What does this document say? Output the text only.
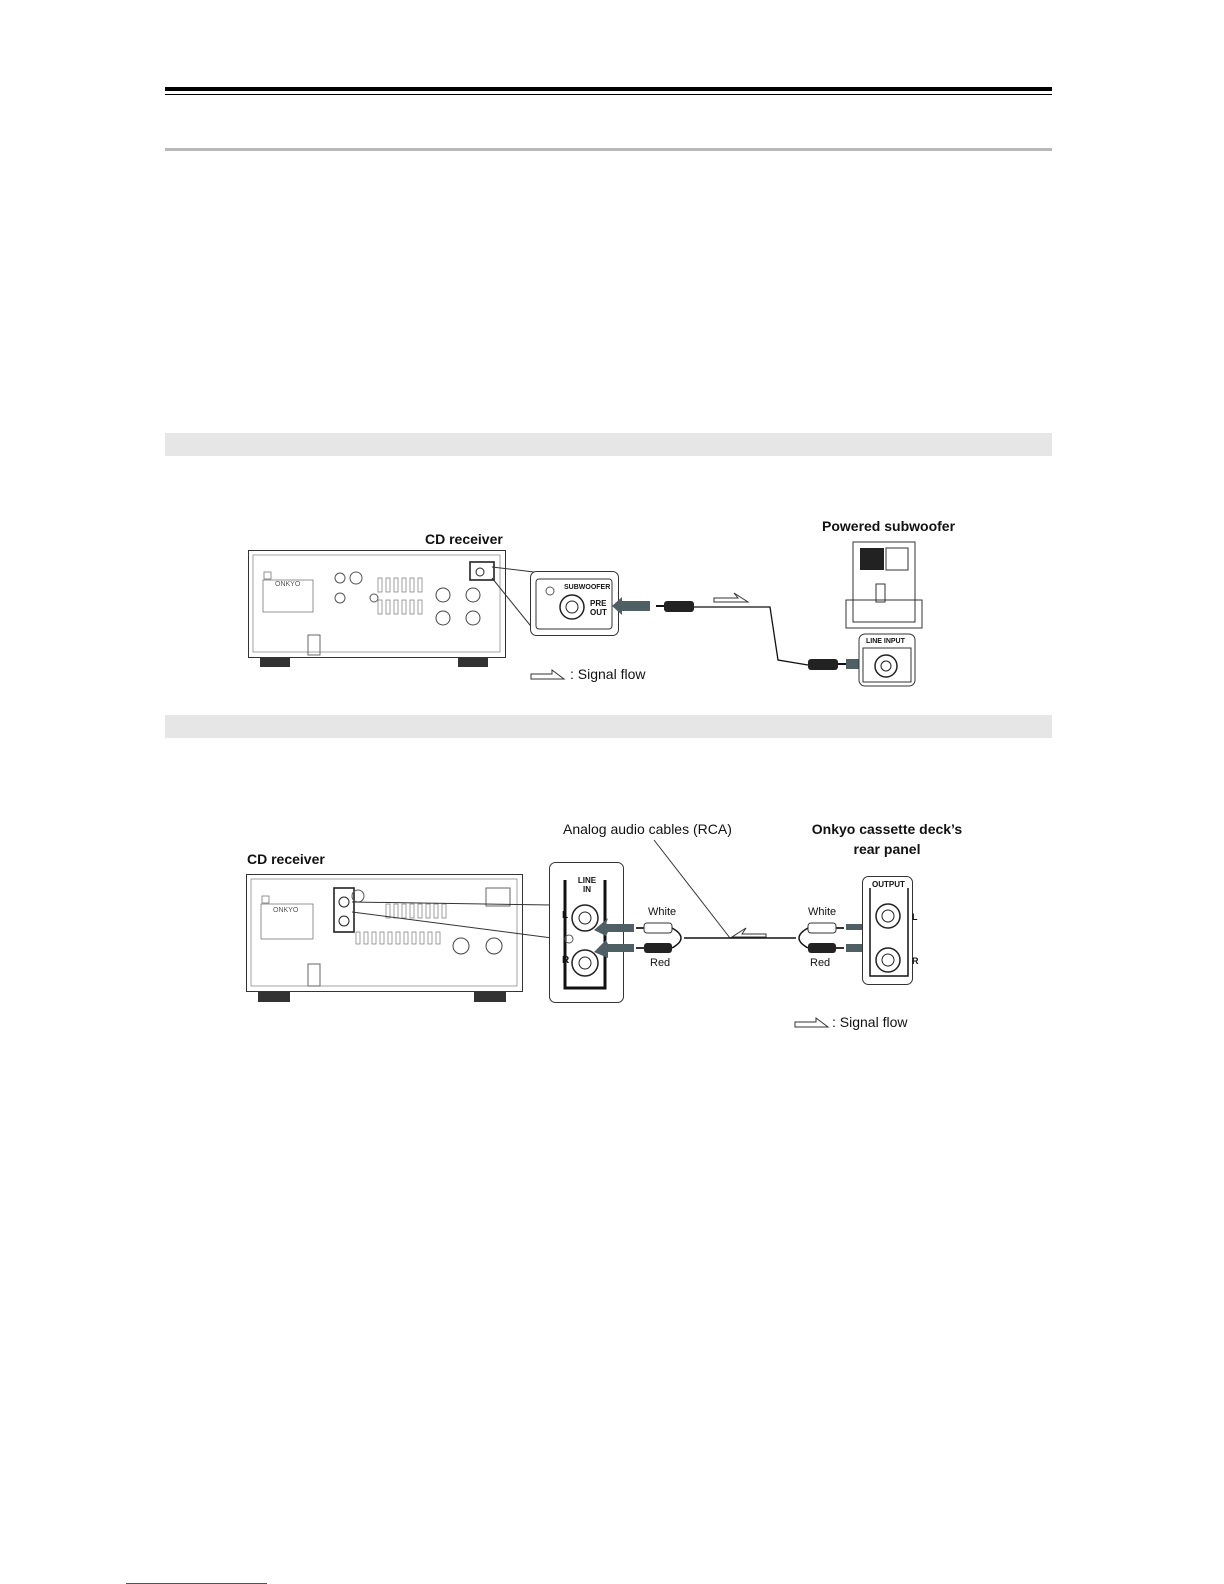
CD receiver
Powered subwoofer
ONKYO	SUBWOOFER
PRE
OUT
LINE INPUT
: Signal flow
CD receiver
Analog audio cables (RCA)	Onkyo cassette deck’s
rear panel
ONKYO
LINE
IN
L
R
White
Red
White
Red
OUTPUT
L
R
: Signal flow
